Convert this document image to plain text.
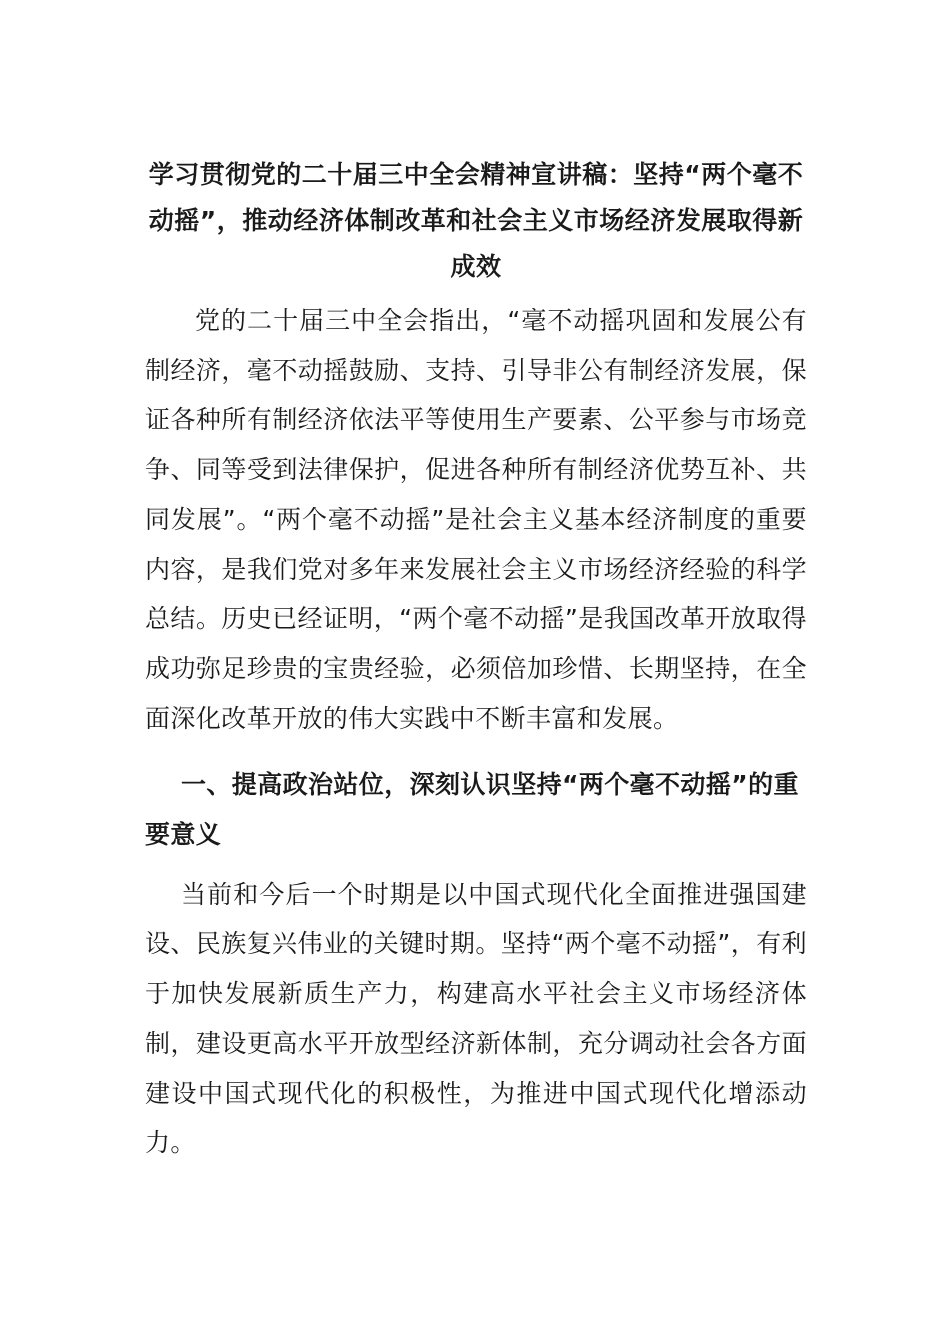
学习贯彻党的二十届三中全会精神宣讲稿：坚持“两个毫不动摇”，推动经济体制改革和社会主义市场经济发展取得新成效

党的二十届三中全会指出，“毫不动摇巩固和发展公有制经济，毫不动摇鼓励、支持、引导非公有制经济发展，保证各种所有制经济依法平等使用生产要素、公平参与市场竞争、同等受到法律保护，促进各种所有制经济优势互补、共同发展”。“两个毫不动摇”是社会主义基本经济制度的重要内容，是我们党对多年来发展社会主义市场经济经验的科学总结。历史已经证明，“两个毫不动摇”是我国改革开放取得成功弥足珍贵的宝贵经验，必须倍加珍惜、长期坚持，在全面深化改革开放的伟大实践中不断丰富和发展。

一、提高政治站位，深刻认识坚持“两个毫不动摇”的重要意义

当前和今后一个时期是以中国式现代化全面推进强国建设、民族复兴伟业的关键时期。坚持“两个毫不动摇”，有利于加快发展新质生产力，构建高水平社会主义市场经济体制，建设更高水平开放型经济新体制，充分调动社会各方面建设中国式现代化的积极性，为推进中国式现代化增添动力。
